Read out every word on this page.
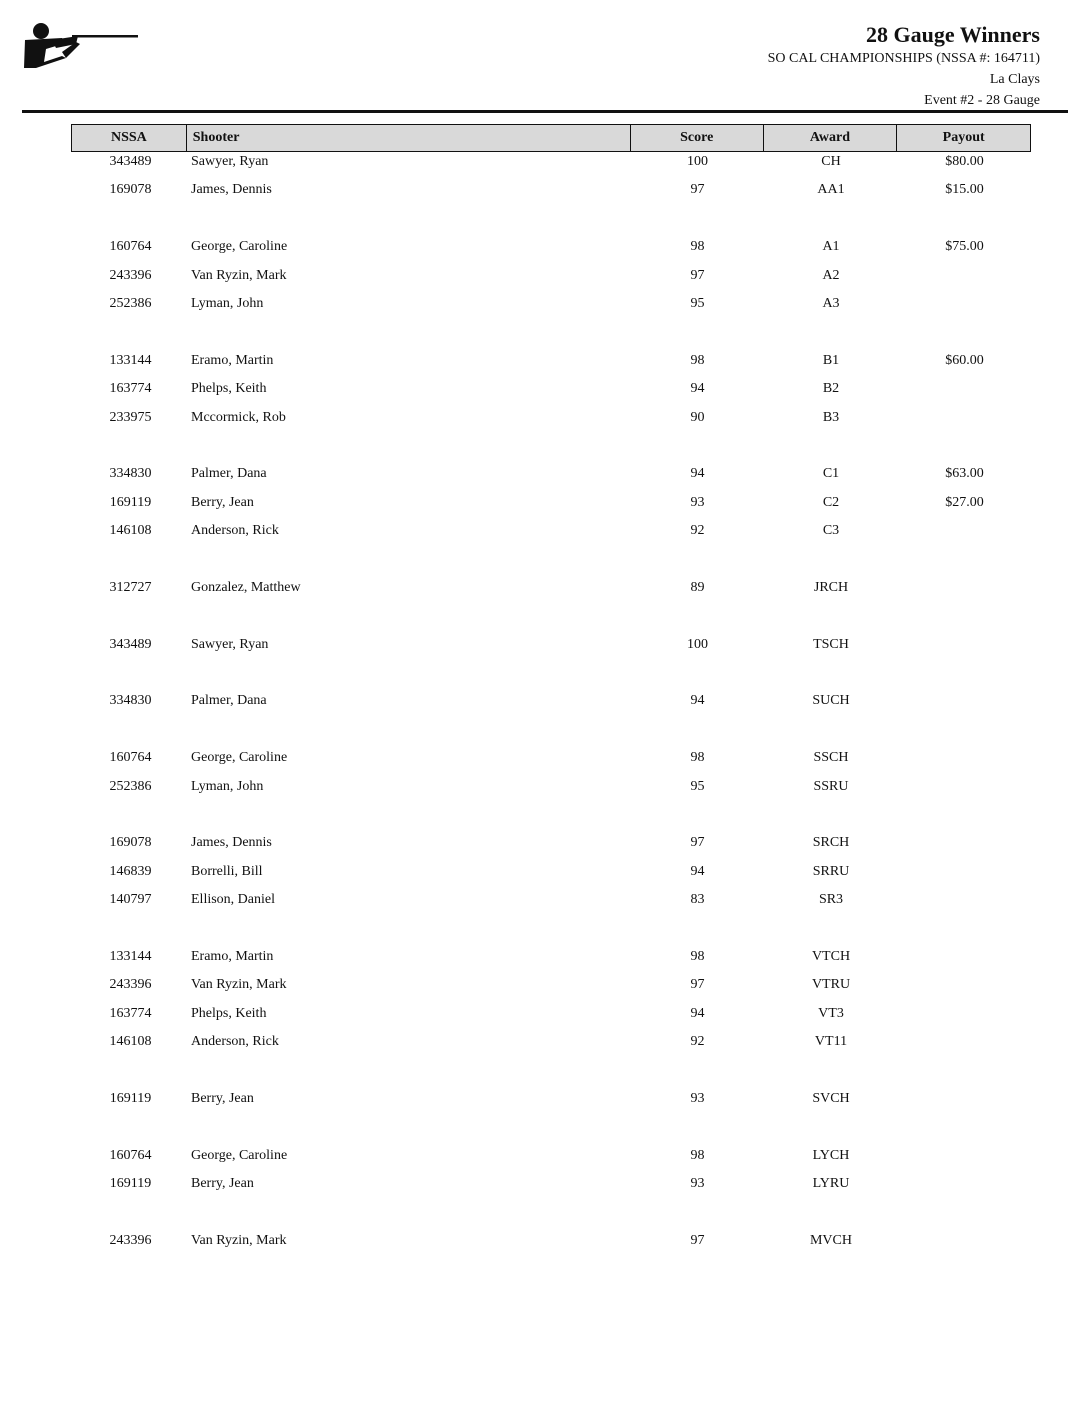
28 Gauge Winners
SO CAL CHAMPIONSHIPS (NSSA #: 164711)
La Clays
Event #2 - 28 Gauge
NSSA	Shooter	Score	Award	Payout
343489	Sawyer, Ryan	100	CH	$80.00
169078	James, Dennis	97	AA1	$15.00
160764	George, Caroline	98	A1	$75.00
243396	Van Ryzin, Mark	97	A2
252386	Lyman, John	95	A3
133144	Eramo, Martin	98	B1	$60.00
163774	Phelps, Keith	94	B2
233975	Mccormick, Rob	90	B3
334830	Palmer, Dana	94	C1	$63.00
169119	Berry, Jean	93	C2	$27.00
146108	Anderson, Rick	92	C3
312727	Gonzalez, Matthew	89	JRCH
343489	Sawyer, Ryan	100	TSCH
334830	Palmer, Dana	94	SUCH
160764	George, Caroline	98	SSCH
252386	Lyman, John	95	SSRU
169078	James, Dennis	97	SRCH
146839	Borrelli, Bill	94	SRRU
140797	Ellison, Daniel	83	SR3
133144	Eramo, Martin	98	VTCH
243396	Van Ryzin, Mark	97	VTRU
163774	Phelps, Keith	94	VT3
146108	Anderson, Rick	92	VT11
169119	Berry, Jean	93	SVCH
160764	George, Caroline	98	LYCH
169119	Berry, Jean	93	LYRU
243396	Van Ryzin, Mark	97	MVCH
